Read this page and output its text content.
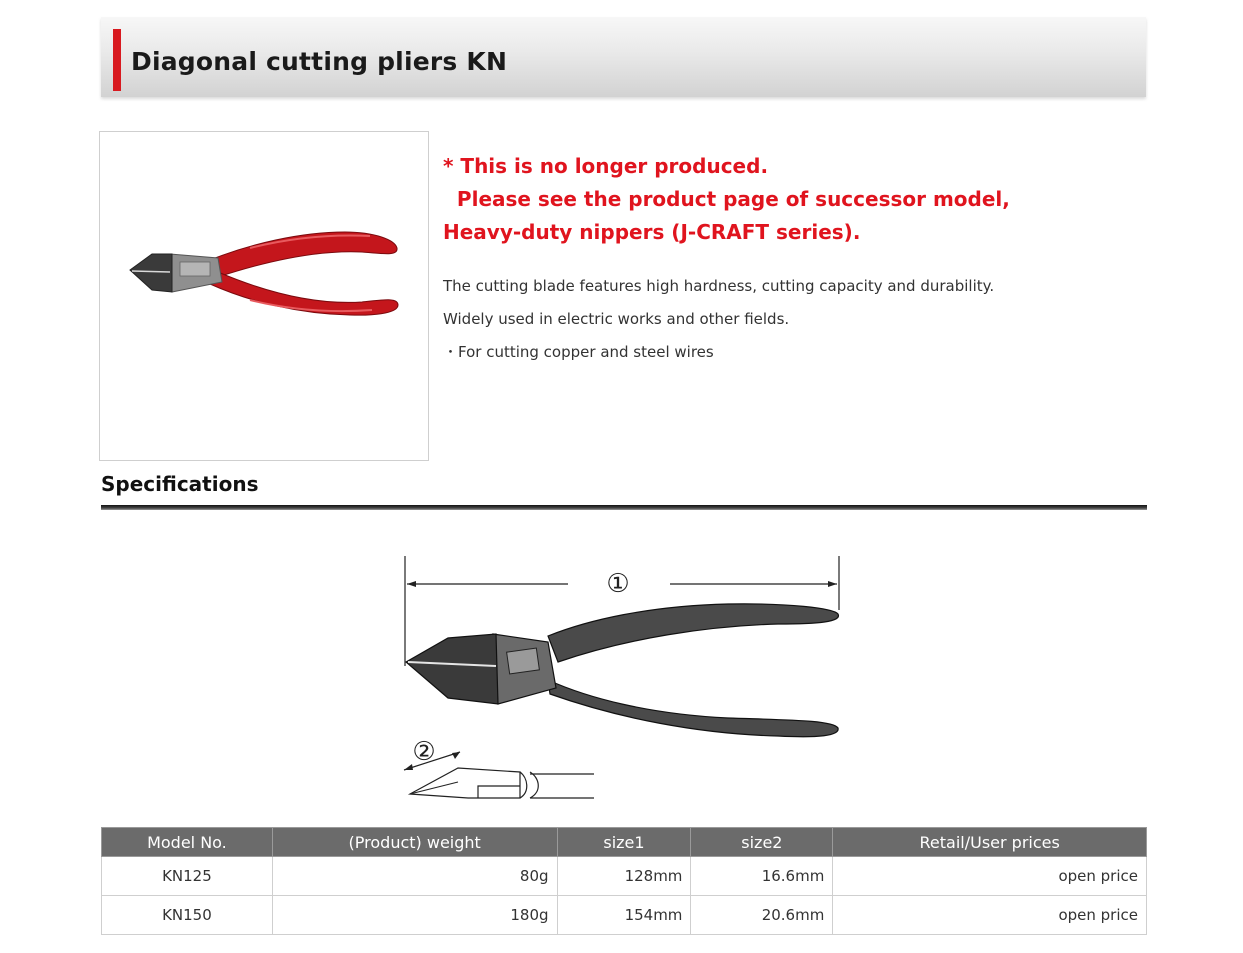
Diagonal cutting pliers KN
* This is no longer produced.
Please see the product page of successor model,
Heavy-duty nippers (J-CRAFT series).
The cutting blade features high hardness, cutting capacity and durability.
Widely used in electric works and other fields.
・For cutting copper and steel wires
Specifications
①
②
Model No.	(Product) weight	size1	size2	Retail/User prices
KN125	80g	128mm	16.6mm	open price
KN150	180g	154mm	20.6mm	open price
